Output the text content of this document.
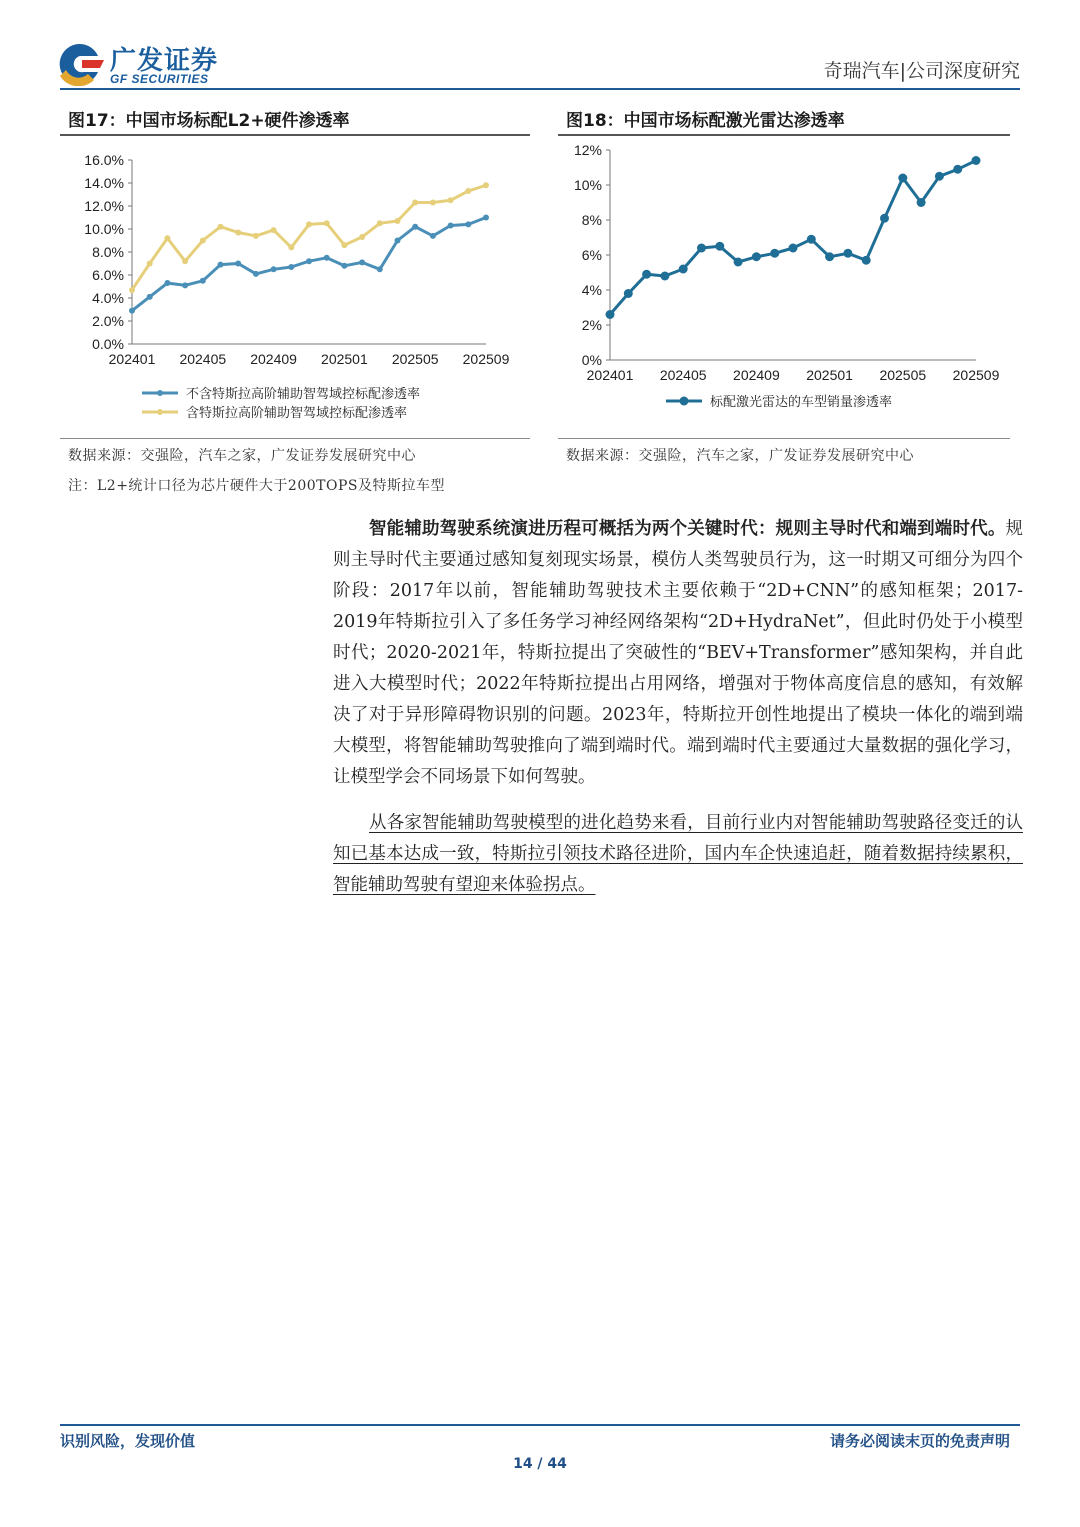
广发证券
GF SECURITIES	奇瑞汽车|公司深度研究
图17：中国市场标配L2+硬件渗透率
0.0%
2.0%
4.0%
6.0%
8.0%
10.0%
12.0%
14.0%
16.0%
202401 202405 202409 202501 202505 202509
不含特斯拉高阶辅助智驾域控标配渗透率
含特斯拉高阶辅助智驾域控标配渗透率
数据来源：交强险，汽车之家，广发证券发展研究中心
注：L2+统计口径为芯片硬件大于200TOPS及特斯拉车型
图18：中国市场标配激光雷达渗透率
0%
2%
4%
6%
8%
10%
12%
202401 202405 202409 202501 202505 202509
标配激光雷达的车型销量渗透率
数据来源：交强险，汽车之家，广发证券发展研究中心
智能辅助驾驶系统演进历程可概括为两个关键时代：规则主导时代和端到端时代。规则主导时代主要通过感知复刻现实场景，模仿人类驾驶员行为，这一时期又可细分为四个阶段：2017年以前，智能辅助驾驶技术主要依赖于“2D+CNN”的感知框架；2017-2019年特斯拉引入了多任务学习神经网络架构“2D+HydraNet”，但此时仍处于小模型时代；2020-2021年，特斯拉提出了突破性的“BEV+Transformer”感知架构，并自此进入大模型时代；2022年特斯拉提出占用网络，增强对于物体高度信息的感知，有效解决了对于异形障碍物识别的问题。2023年，特斯拉开创性地提出了模块一体化的端到端大模型，将智能辅助驾驶推向了端到端时代。端到端时代主要通过大量数据的强化学习，让模型学会不同场景下如何驾驶。
从各家智能辅助驾驶模型的进化趋势来看，目前行业内对智能辅助驾驶路径变迁的认知已基本达成一致，特斯拉引领技术路径进阶，国内车企快速追赶，随着数据持续累积，智能辅助驾驶有望迎来体验拐点。
识别风险，发现价值	请务必阅读末页的免责声明
14 / 44
